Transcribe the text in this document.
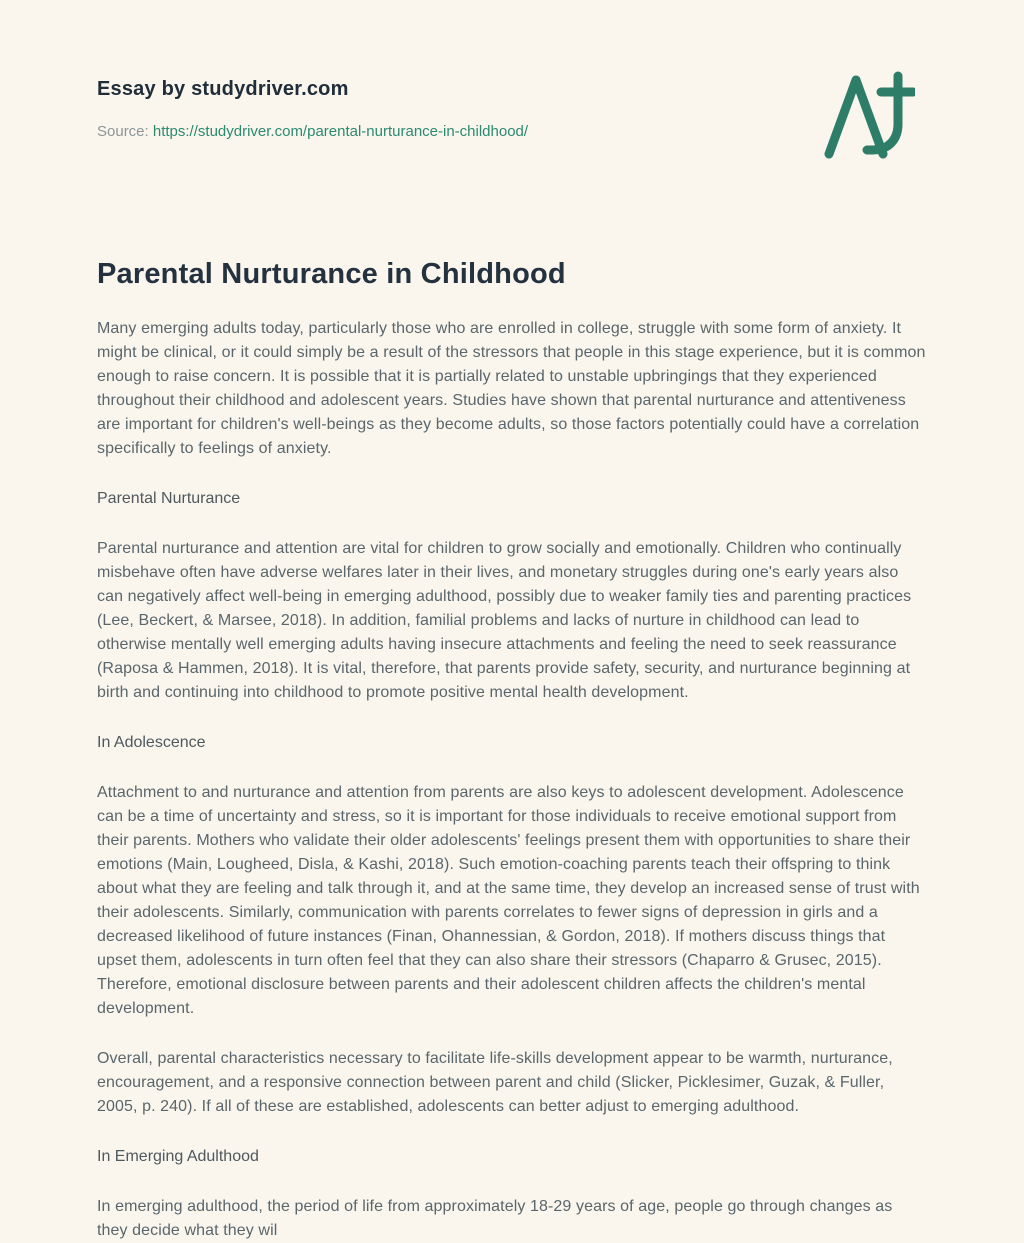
Essay by studydriver.com
Source: https://studydriver.com/parental-nurturance-in-childhood/
Parental Nurturance in Childhood

Many emerging adults today, particularly those who are enrolled in college, struggle with some form of anxiety. It might be clinical, or it could simply be a result of the stressors that people in this stage experience, but it is common enough to raise concern. It is possible that it is partially related to unstable upbringings that they experienced throughout their childhood and adolescent years. Studies have shown that parental nurturance and attentiveness are important for children's well-beings as they become adults, so those factors potentially could have a correlation specifically to feelings of anxiety.

Parental Nurturance

Parental nurturance and attention are vital for children to grow socially and emotionally. Children who continually misbehave often have adverse welfares later in their lives, and monetary struggles during one's early years also can negatively affect well-being in emerging adulthood, possibly due to weaker family ties and parenting practices (Lee, Beckert, & Marsee, 2018). In addition, familial problems and lacks of nurture in childhood can lead to otherwise mentally well emerging adults having insecure attachments and feeling the need to seek reassurance (Raposa & Hammen, 2018). It is vital, therefore, that parents provide safety, security, and nurturance beginning at birth and continuing into childhood to promote positive mental health development.

In Adolescence

Attachment to and nurturance and attention from parents are also keys to adolescent development. Adolescence can be a time of uncertainty and stress, so it is important for those individuals to receive emotional support from their parents. Mothers who validate their older adolescents' feelings present them with opportunities to share their emotions (Main, Lougheed, Disla, & Kashi, 2018). Such emotion-coaching parents teach their offspring to think about what they are feeling and talk through it, and at the same time, they develop an increased sense of trust with their adolescents. Similarly, communication with parents correlates to fewer signs of depression in girls and a decreased likelihood of future instances (Finan, Ohannessian, & Gordon, 2018). If mothers discuss things that upset them, adolescents in turn often feel that they can also share their stressors (Chaparro & Grusec, 2015). Therefore, emotional disclosure between parents and their adolescent children affects the children's mental development.

Overall, parental characteristics necessary to facilitate life-skills development appear to be warmth, nurturance, encouragement, and a responsive connection between parent and child (Slicker, Picklesimer, Guzak, & Fuller, 2005, p. 240). If all of these are established, adolescents can better adjust to emerging adulthood.

In Emerging Adulthood

In emerging adulthood, the period of life from approximately 18-29 years of age, people go through changes as they decide what they wil
